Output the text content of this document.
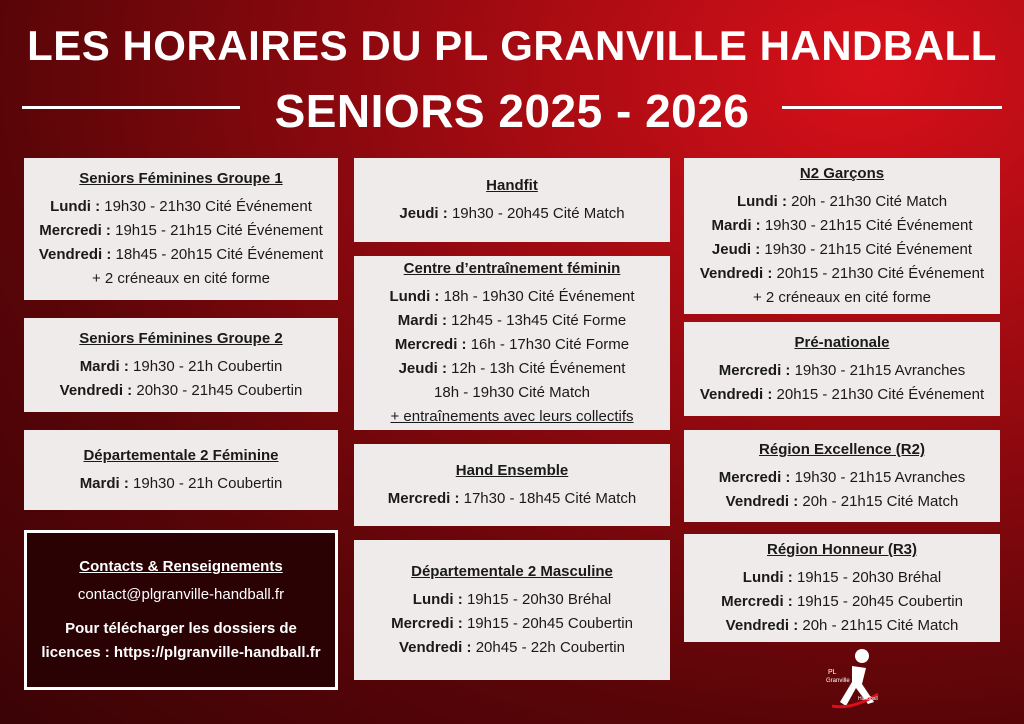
LES HORAIRES DU PL GRANVILLE HANDBALL
SENIORS 2025 - 2026
Seniors Féminines Groupe 1
Lundi : 19h30 - 21h30 Cité Événement
Mercredi : 19h15 - 21h15 Cité Événement
Vendredi : 18h45 - 20h15 Cité Événement
+ 2 créneaux en cité forme
Seniors Féminines Groupe 2
Mardi : 19h30 - 21h Coubertin
Vendredi : 20h30 - 21h45 Coubertin
Départementale 2 Féminine
Mardi : 19h30 - 21h Coubertin
Contacts & Renseignements
contact@plgranville-handball.fr
Pour télécharger les dossiers de licences : https://plgranville-handball.fr
Handfit
Jeudi : 19h30 - 20h45 Cité Match
Centre d’entraînement féminin
Lundi : 18h - 19h30 Cité Événement
Mardi : 12h45 - 13h45 Cité Forme
Mercredi : 16h - 17h30 Cité Forme
Jeudi : 12h - 13h Cité Événement
18h - 19h30 Cité Match
+ entraînements avec leurs collectifs
Hand Ensemble
Mercredi : 17h30 - 18h45 Cité Match
Départementale 2 Masculine
Lundi : 19h15 - 20h30 Bréhal
Mercredi : 19h15 - 20h45 Coubertin
Vendredi : 20h45 - 22h Coubertin
N2 Garçons
Lundi : 20h - 21h30 Cité Match
Mardi : 19h30 - 21h15 Cité Événement
Jeudi : 19h30 - 21h15 Cité Événement
Vendredi : 20h15 - 21h30 Cité Événement
+ 2 créneaux en cité forme
Pré-nationale
Mercredi : 19h30 - 21h15 Avranches
Vendredi : 20h15 - 21h30 Cité Événement
Région Excellence (R2)
Mercredi : 19h30 - 21h15 Avranches
Vendredi : 20h - 21h15 Cité Match
Région Honneur (R3)
Lundi : 19h15 - 20h30 Bréhal
Mercredi : 19h15 - 20h45 Coubertin
Vendredi : 20h - 21h15 Cité Match
PL
Granville
Handball
